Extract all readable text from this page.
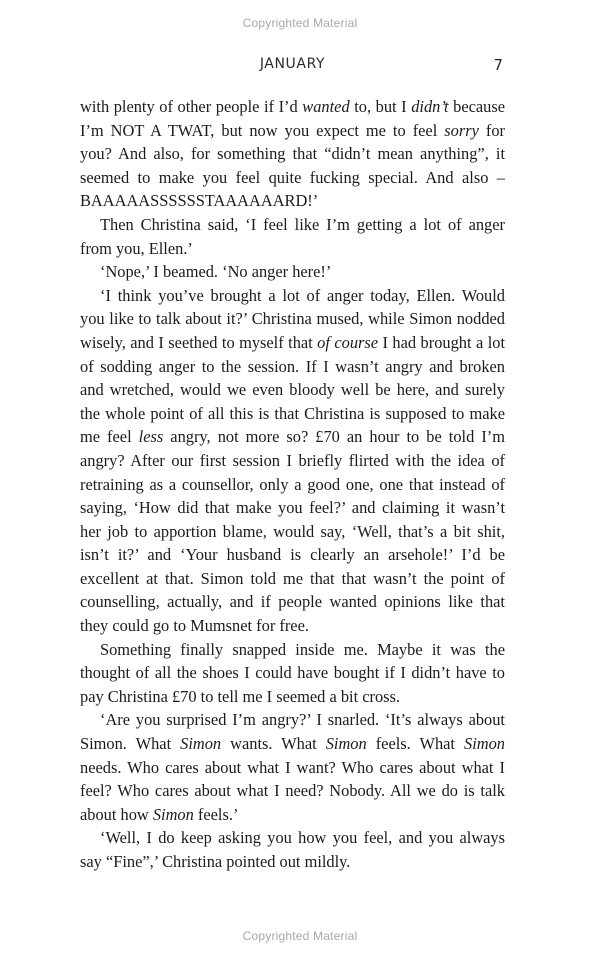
Copyrighted Material
JANUARY	7

with plenty of other people if I’d wanted to, but I didn’t because I’m NOT A TWAT, but now you expect me to feel sorry for you? And also, for something that “didn’t mean anything”, it seemed to make you feel quite fucking special. And also – BAAAAASSSSSSTAAAAAARD!’

Then Christina said, ‘I feel like I’m getting a lot of anger from you, Ellen.’

‘Nope,’ I beamed. ‘No anger here!’

‘I think you’ve brought a lot of anger today, Ellen. Would you like to talk about it?’ Christina mused, while Simon nodded wisely, and I seethed to myself that of course I had brought a lot of sodding anger to the session. If I wasn’t angry and broken and wretched, would we even bloody well be here, and surely the whole point of all this is that Christina is supposed to make me feel less angry, not more so? £70 an hour to be told I’m angry? After our first session I briefly flirted with the idea of retraining as a counsellor, only a good one, one that instead of saying, ‘How did that make you feel?’ and claiming it wasn’t her job to apportion blame, would say, ‘Well, that’s a bit shit, isn’t it?’ and ‘Your husband is clearly an arsehole!’ I’d be excellent at that. Simon told me that that wasn’t the point of counselling, actually, and if people wanted opinions like that they could go to Mumsnet for free.

Something finally snapped inside me. Maybe it was the thought of all the shoes I could have bought if I didn’t have to pay Christina £70 to tell me I seemed a bit cross.

‘Are you surprised I’m angry?’ I snarled. ‘It’s always about Simon. What Simon wants. What Simon feels. What Simon needs. Who cares about what I want? Who cares about what I feel? Who cares about what I need? Nobody. All we do is talk about how Simon feels.’

‘Well, I do keep asking you how you feel, and you always say “Fine”,’ Christina pointed out mildly.

Copyrighted Material
